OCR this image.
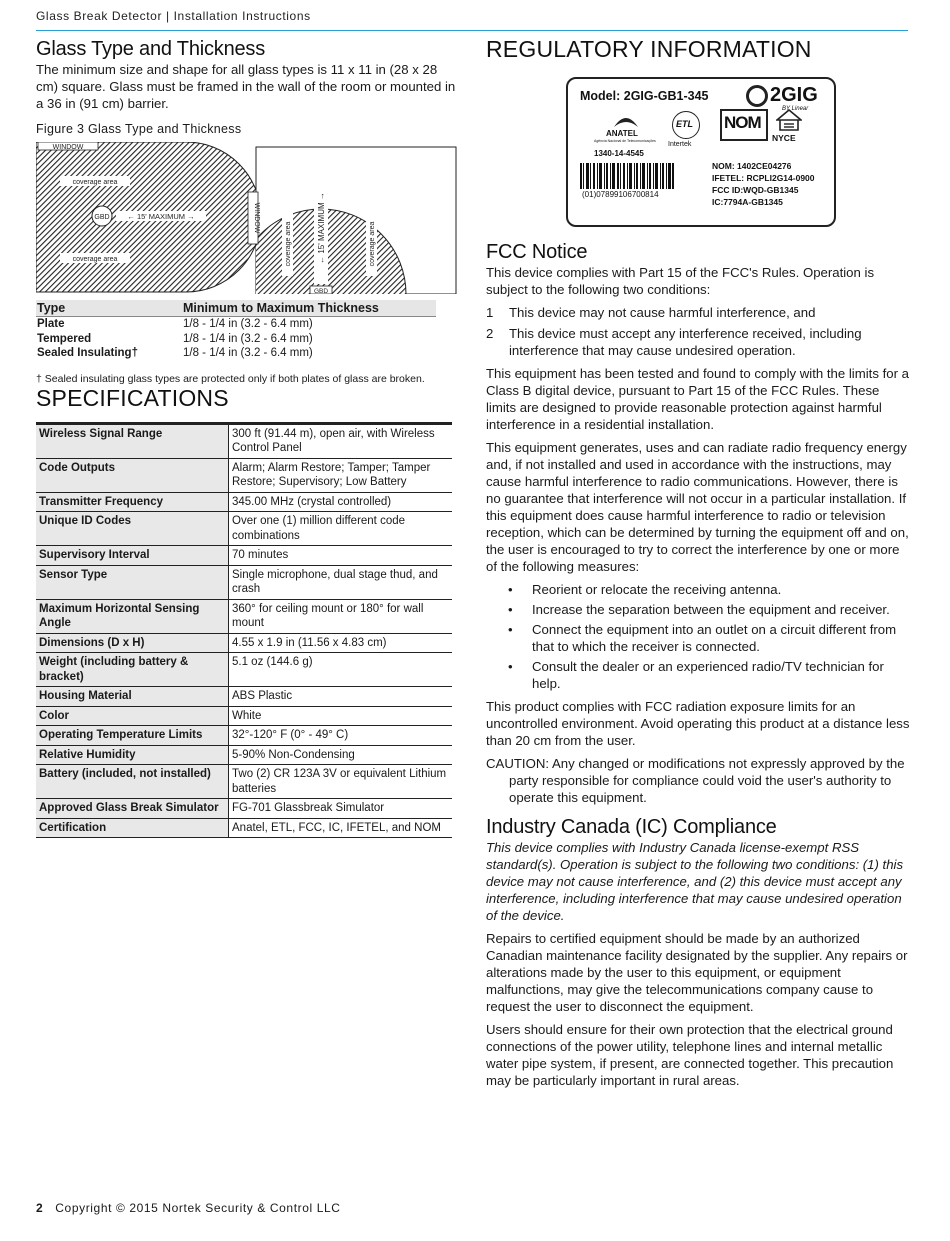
Glass Break Detector | Installation Instructions
Glass Type and Thickness

The minimum size and shape for all glass types is 11 x 11 in (28 x 28 cm) square. Glass must be framed in the wall of the room or mounted in a 36 in (91 cm) barrier.

Figure 3 Glass Type and Thickness
WINDOW
coverage area
coverage area
GBD ← 15' MAXIMUM →	WINDOW
coverage area	← 15' MAXIMUM →	coverage area
GBD
Type	Minimum to Maximum Thickness
Plate	1/8 - 1/4 in (3.2 - 6.4 mm)
Tempered	1/8 - 1/4 in (3.2 - 6.4 mm)
Sealed Insulating†	1/8 - 1/4 in (3.2 - 6.4 mm)
† Sealed insulating glass types are protected only if both plates of glass are broken.
SPECIFICATIONS
Wireless Signal Range	300 ft (91.44 m), open air, with Wireless Control Panel
Code Outputs	Alarm; Alarm Restore; Tamper; Tamper Restore; Supervisory; Low Battery
Transmitter Frequency	345.00 MHz (crystal controlled)
Unique ID Codes	Over one (1) million different code combinations
Supervisory Interval	70 minutes
Sensor Type	Single microphone, dual stage thud, and crash
Maximum Horizontal Sensing Angle	360° for ceiling mount or 180° for wall mount
Dimensions (D x H)	4.55 x 1.9 in (11.56 x 4.83 cm)
Weight (including battery & bracket)	5.1 oz (144.6 g)
Housing Material	ABS Plastic
Color	White
Operating Temperature Limits	32°-120° F (0° - 49° C)
Relative Humidity	5-90% Non-Condensing
Battery (included, not installed)	Two (2) CR 123A 3V or equivalent Lithium batteries
Approved Glass Break Simulator	FG-701 Glassbreak Simulator
Certification	Anatel, ETL, FCC, IC, IFETEL, and NOM
REGULATORY INFORMATION
Model: 2GIG-GB1-345	2GIG
BY Linear
ANATEL
Agência Nacional de Telecomunicações
1340-14-4545
ETL
Intertek
NOM
NYCE
(01)07899106700814
NOM: 1402CE04276
IFETEL: RCPLI2G14-0900
FCC ID:WQD-GB1345
IC:7794A-GB1345
FCC Notice

This device complies with Part 15 of the FCC's Rules. Operation is subject to the following two conditions:

1 This device may not cause harmful interference, and
2 This device must accept any interference received, including interference that may cause undesired operation.

This equipment has been tested and found to comply with the limits for a Class B digital device, pursuant to Part 15 of the FCC Rules. These limits are designed to provide reasonable protection against harmful interference in a residential installation.

This equipment generates, uses and can radiate radio frequency energy and, if not installed and used in accordance with the instructions, may cause harmful interference to radio communications. However, there is no guarantee that interference will not occur in a particular installation. If this equipment does cause harmful interference to radio or television reception, which can be determined by turning the equipment off and on, the user is encouraged to try to correct the interference by one or more of the following measures:

• Reorient or relocate the receiving antenna.
• Increase the separation between the equipment and receiver.
• Connect the equipment into an outlet on a circuit different from that to which the receiver is connected.
• Consult the dealer or an experienced radio/TV technician for help.

This product complies with FCC radiation exposure limits for an uncontrolled environment. Avoid operating this product at a distance less than 20 cm from the user.

CAUTION: Any changed or modifications not expressly approved by the party responsible for compliance could void the user's authority to operate this equipment.

Industry Canada (IC) Compliance

This device complies with Industry Canada license-exempt RSS standard(s). Operation is subject to the following two conditions: (1) this device may not cause interference, and (2) this device must accept any interference, including interference that may cause undesired operation of the device.

Repairs to certified equipment should be made by an authorized Canadian maintenance facility designated by the supplier. Any repairs or alterations made by the user to this equipment, or equipment malfunctions, may give the telecommunications company cause to request the user to disconnect the equipment.

Users should ensure for their own protection that the electrical ground connections of the power utility, telephone lines and internal metallic water pipe system, if present, are connected together. This precaution may be particularly important in rural areas.

2 Copyright © 2015 Nortek Security & Control LLC
